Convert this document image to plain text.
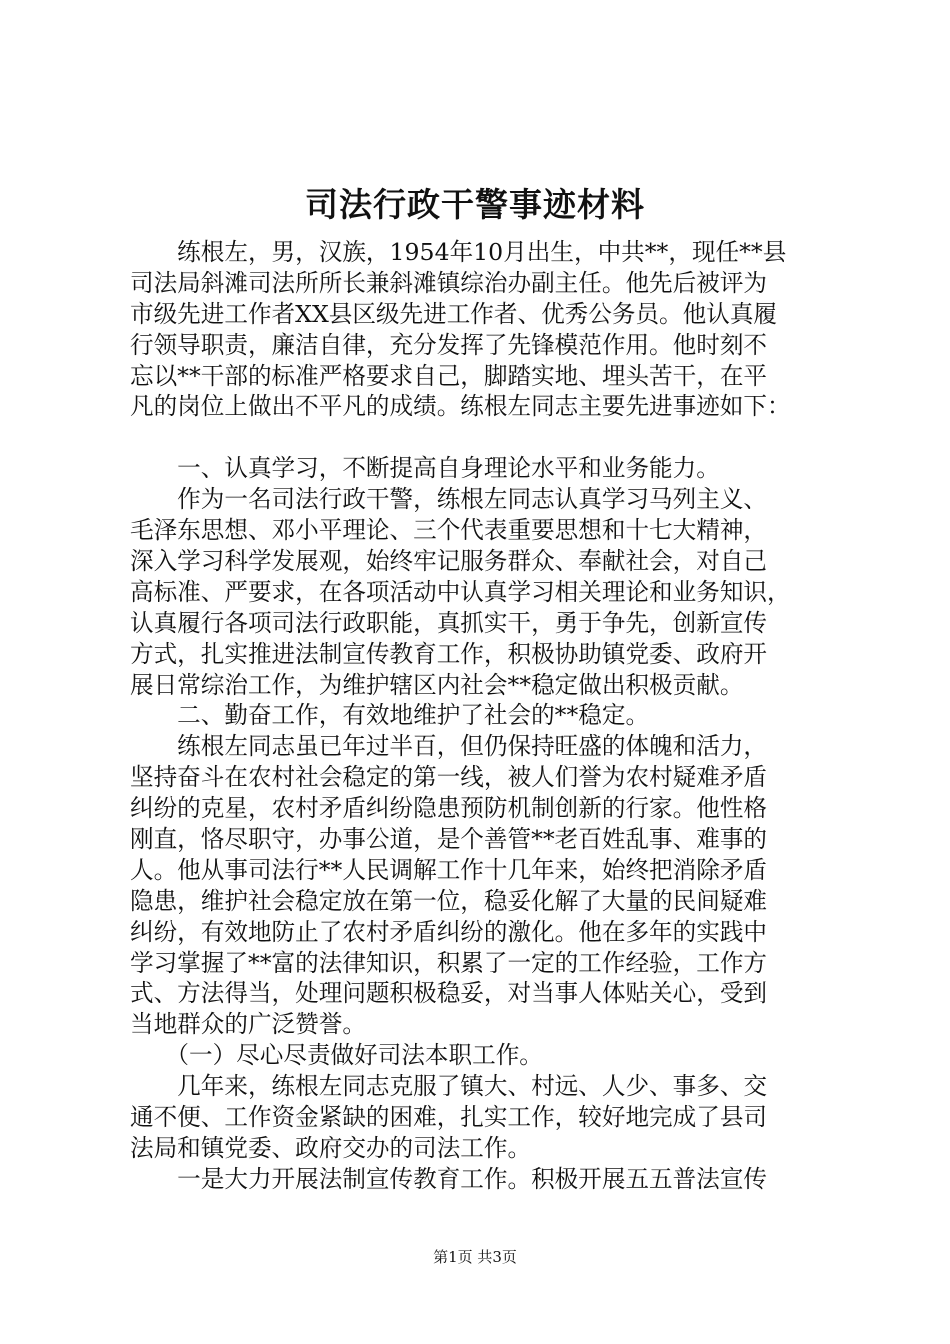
司法行政干警事迹材料
　　练根左，男，汉族，1954年10月出生，中共**，现任**县
司法局斜滩司法所所长兼斜滩镇综治办副主任。他先后被评为
市级先进工作者XX县区级先进工作者、优秀公务员。他认真履
行领导职责，廉洁自律，充分发挥了先锋模范作用。他时刻不
忘以**干部的标准严格要求自己，脚踏实地、埋头苦干，在平
凡的岗位上做出不平凡的成绩。练根左同志主要先进事迹如下：
　　一、认真学习，不断提高自身理论水平和业务能力。
　　作为一名司法行政干警，练根左同志认真学习马列主义、
毛泽东思想、邓小平理论、三个代表重要思想和十七大精神，
深入学习科学发展观，始终牢记服务群众、奉献社会，对自己
高标准、严要求，在各项活动中认真学习相关理论和业务知识，
认真履行各项司法行政职能，真抓实干，勇于争先，创新宣传
方式，扎实推进法制宣传教育工作，积极协助镇党委、政府开
展日常综治工作，为维护辖区内社会**稳定做出积极贡献。
　　二、勤奋工作，有效地维护了社会的**稳定。
　　练根左同志虽已年过半百，但仍保持旺盛的体魄和活力，
坚持奋斗在农村社会稳定的第一线，被人们誉为农村疑难矛盾
纠纷的克星，农村矛盾纠纷隐患预防机制创新的行家。他性格
刚直，恪尽职守，办事公道，是个善管**老百姓乱事、难事的
人。他从事司法行**人民调解工作十几年来，始终把消除矛盾
隐患，维护社会稳定放在第一位，稳妥化解了大量的民间疑难
纠纷，有效地防止了农村矛盾纠纷的激化。他在多年的实践中
学习掌握了**富的法律知识，积累了一定的工作经验，工作方
式、方法得当，处理问题积极稳妥，对当事人体贴关心，受到
当地群众的广泛赞誉。
　　（一）尽心尽责做好司法本职工作。
　　几年来，练根左同志克服了镇大、村远、人少、事多、交
通不便、工作资金紧缺的困难，扎实工作，较好地完成了县司
法局和镇党委、政府交办的司法工作。
　　一是大力开展法制宣传教育工作。积极开展五五普法宣传
第1页 共3页
